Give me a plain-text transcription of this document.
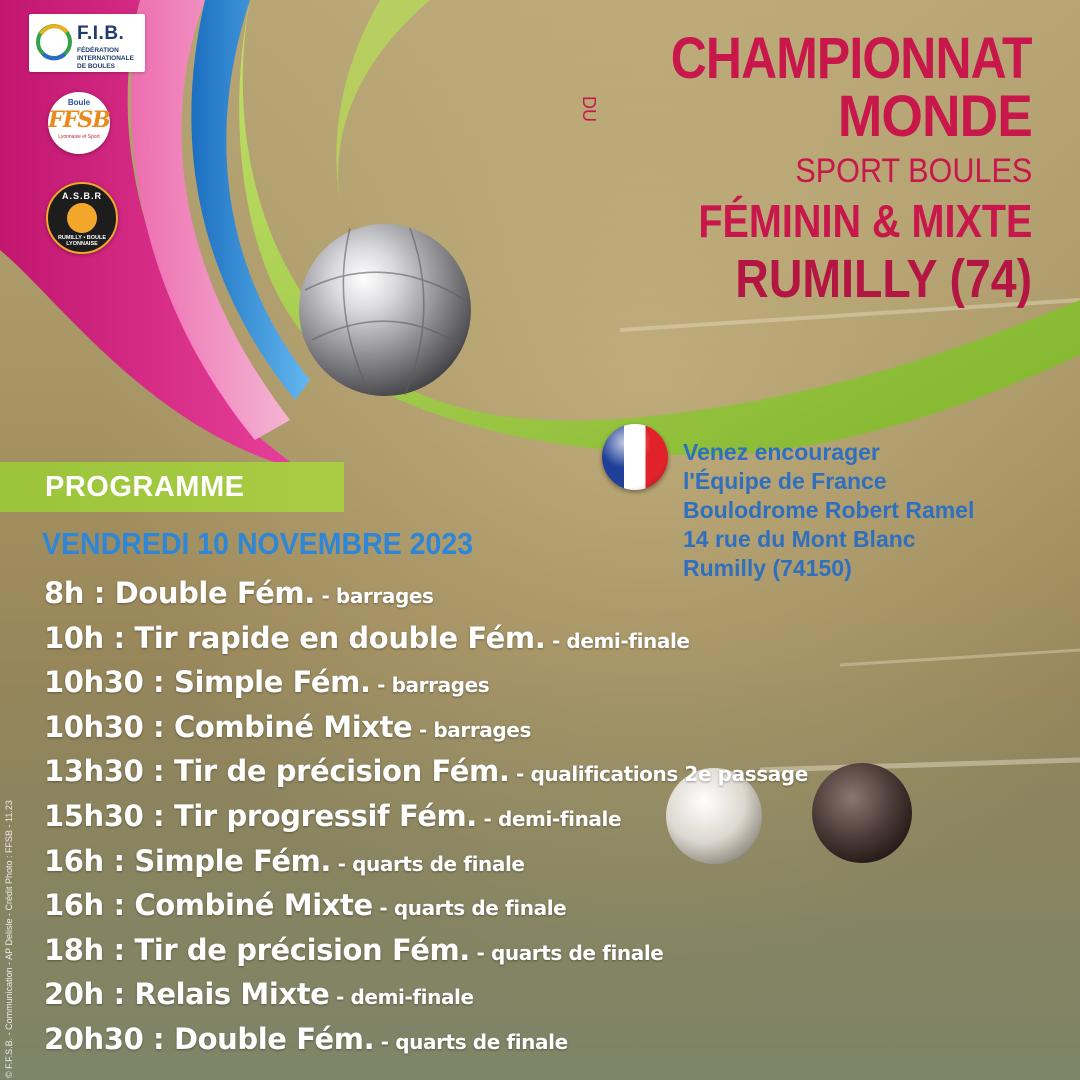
F.I.B.
FÉDÉRATION INTERNATIONALE DE BOULES
Boule
FFSB
Lyonnaise et Sport
A.S.B.R
RUMILLY • BOULE LYONNAISE
CHAMPIONNAT
DU	MONDE
SPORT BOULES
FÉMININ & MIXTE
RUMILLY (74)
Venez encourager
l'Équipe de France
Boulodrome Robert Ramel
14 rue du Mont Blanc
Rumilly (74150)
PROGRAMME
VENDREDI 10 NOVEMBRE 2023
8h : Double Fém. - barrages
10h : Tir rapide en double Fém. - demi-finale
10h30 : Simple Fém. - barrages
10h30 : Combiné Mixte - barrages
13h30 : Tir de précision Fém. - qualifications 2e passage
15h30 : Tir progressif Fém. - demi-finale
16h : Simple Fém. - quarts de finale
16h : Combiné Mixte - quarts de finale
18h : Tir de précision Fém. - quarts de finale
20h : Relais Mixte - demi-finale
20h30 : Double Fém. - quarts de finale
© F.F.S.B. - Communication - AP Delisle - Crédit Photo : FFSB - 11.23
